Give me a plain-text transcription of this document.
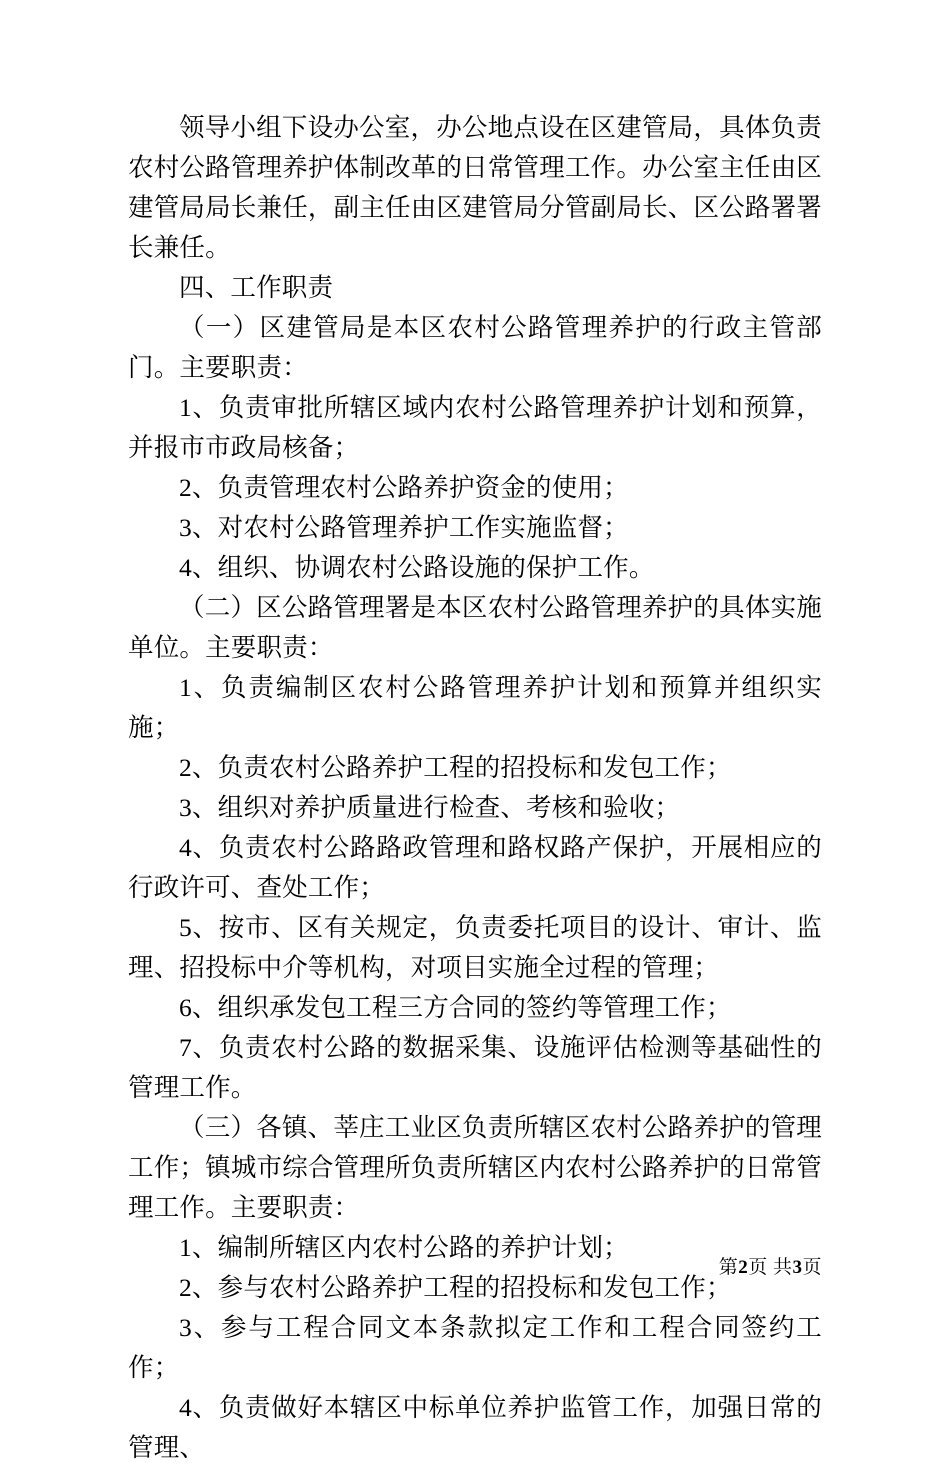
领导小组下设办公室，办公地点设在区建管局，具体负责农村公路管理养护体制改革的日常管理工作。办公室主任由区建管局局长兼任，副主任由区建管局分管副局长、区公路署署长兼任。

四、工作职责

（一）区建管局是本区农村公路管理养护的行政主管部门。主要职责：

1、负责审批所辖区域内农村公路管理养护计划和预算，并报市市政局核备；

2、负责管理农村公路养护资金的使用；

3、对农村公路管理养护工作实施监督；

4、组织、协调农村公路设施的保护工作。

（二）区公路管理署是本区农村公路管理养护的具体实施单位。主要职责：

1、负责编制区农村公路管理养护计划和预算并组织实施；

2、负责农村公路养护工程的招投标和发包工作；

3、组织对养护质量进行检查、考核和验收；

4、负责农村公路路政管理和路权路产保护，开展相应的行政许可、查处工作；

5、按市、区有关规定，负责委托项目的设计、审计、监理、招投标中介等机构，对项目实施全过程的管理；

6、组织承发包工程三方合同的签约等管理工作；

7、负责农村公路的数据采集、设施评估检测等基础性的管理工作。

（三）各镇、莘庄工业区负责所辖区农村公路养护的管理工作；镇城市综合管理所负责所辖区内农村公路养护的日常管理工作。主要职责：

1、编制所辖区内农村公路的养护计划；

2、参与农村公路养护工程的招投标和发包工作；

3、参与工程合同文本条款拟定工作和工程合同签约工作；

4、负责做好本辖区中标单位养护监管工作，加强日常的管理、

第2页 共3页
